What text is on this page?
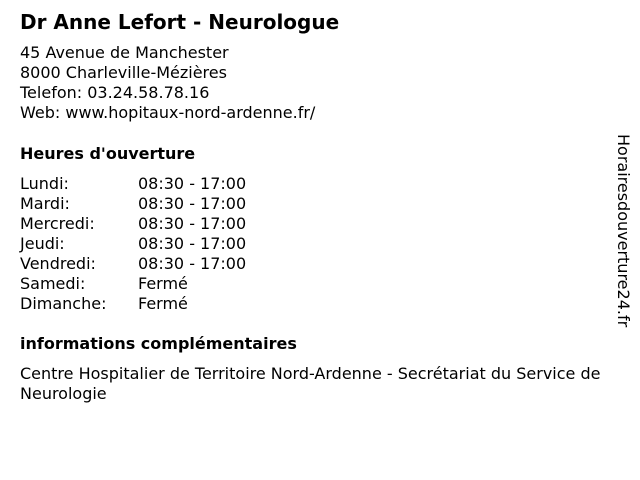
Dr Anne Lefort - Neurologue
45 Avenue de Manchester
8000 Charleville-Mézières
Telefon: 03.24.58.78.16
Web: www.hopitaux-nord-ardenne.fr/
Heures d'ouverture
Lundi:	08:30 - 17:00
Mardi:	08:30 - 17:00
Mercredi:	08:30 - 17:00
Jeudi:	08:30 - 17:00
Vendredi:	08:30 - 17:00
Samedi:	Fermé
Dimanche:	Fermé
informations complémentaires
Centre Hospitalier de Territoire Nord-Ardenne - Secrétariat du Service de Neurologie
Horairesdouverture24.fr
